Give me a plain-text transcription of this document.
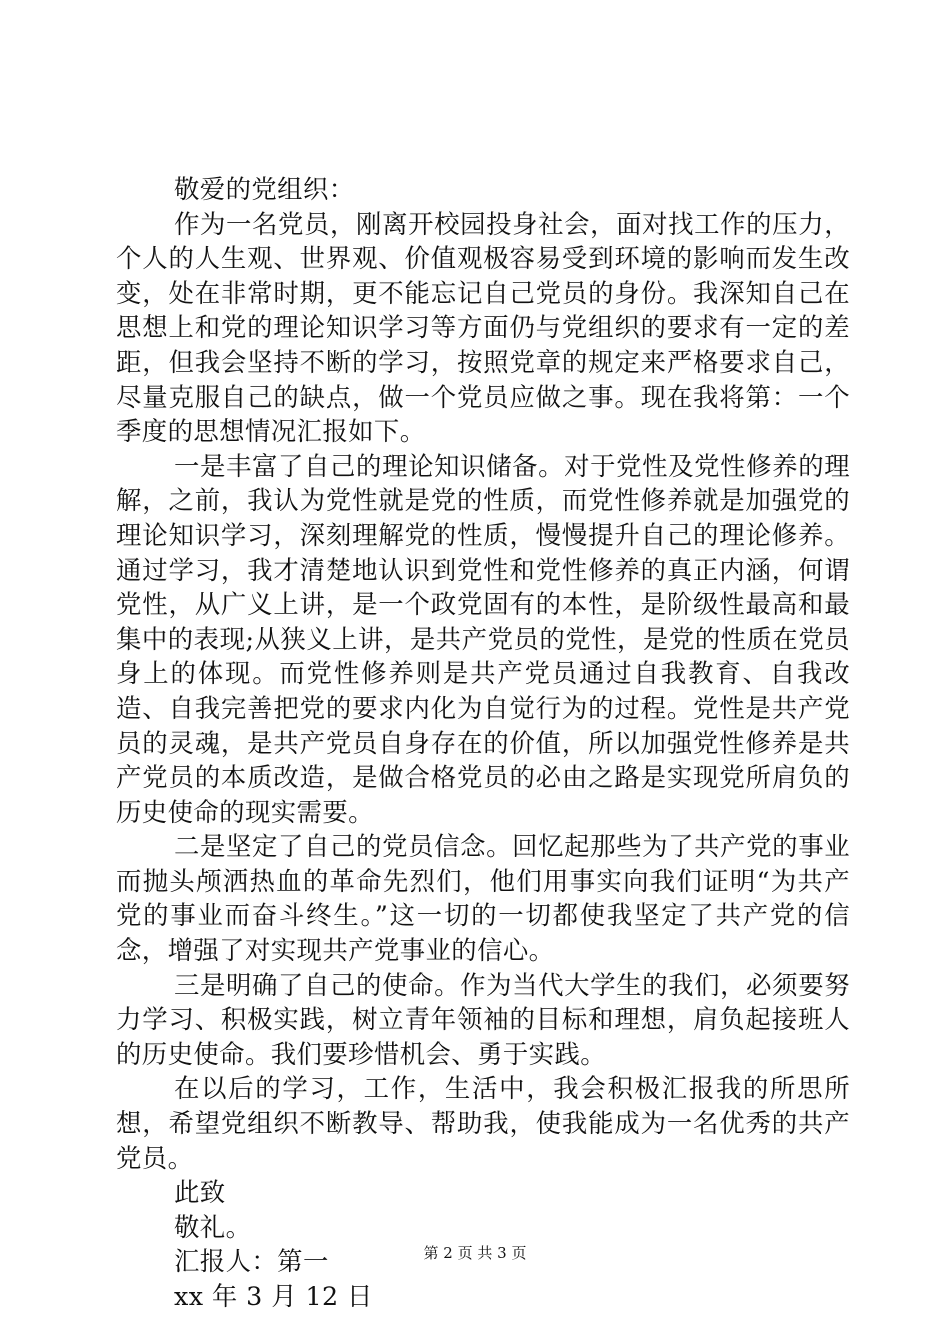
敬爱的党组织：

作为一名党员，刚离开校园投身社会，面对找工作的压力，个人的人生观、世界观、价值观极容易受到环境的影响而发生改变，处在非常时期，更不能忘记自己党员的身份。我深知自己在思想上和党的理论知识学习等方面仍与党组织的要求有一定的差距，但我会坚持不断的学习，按照党章的规定来严格要求自己，尽量克服自己的缺点，做一个党员应做之事。现在我将第：一个季度的思想情况汇报如下。

一是丰富了自己的理论知识储备。对于党性及党性修养的理解，之前，我认为党性就是党的性质，而党性修养就是加强党的理论知识学习，深刻理解党的性质，慢慢提升自己的理论修养。通过学习，我才清楚地认识到党性和党性修养的真正内涵，何谓党性，从广义上讲，是一个政党固有的本性，是阶级性最高和最集中的表现;从狭义上讲，是共产党员的党性，是党的性质在党员身上的体现。而党性修养则是共产党员通过自我教育、自我改造、自我完善把党的要求内化为自觉行为的过程。党性是共产党员的灵魂，是共产党员自身存在的价值，所以加强党性修养是共产党员的本质改造，是做合格党员的必由之路是实现党所肩负的历史使命的现实需要。

二是坚定了自己的党员信念。回忆起那些为了共产党的事业而抛头颅洒热血的革命先烈们，他们用事实向我们证明“为共产党的事业而奋斗终生。”这一切的一切都使我坚定了共产党的信念，增强了对实现共产党事业的信心。

三是明确了自己的使命。作为当代大学生的我们，必须要努力学习、积极实践，树立青年领袖的目标和理想，肩负起接班人的历史使命。我们要珍惜机会、勇于实践。

在以后的学习，工作，生活中，我会积极汇报我的所思所想，希望党组织不断教导、帮助我，使我能成为一名优秀的共产党员。

此致

敬礼。

汇报人：第一

xx 年 3 月 12 日

第 2 页 共 3 页
